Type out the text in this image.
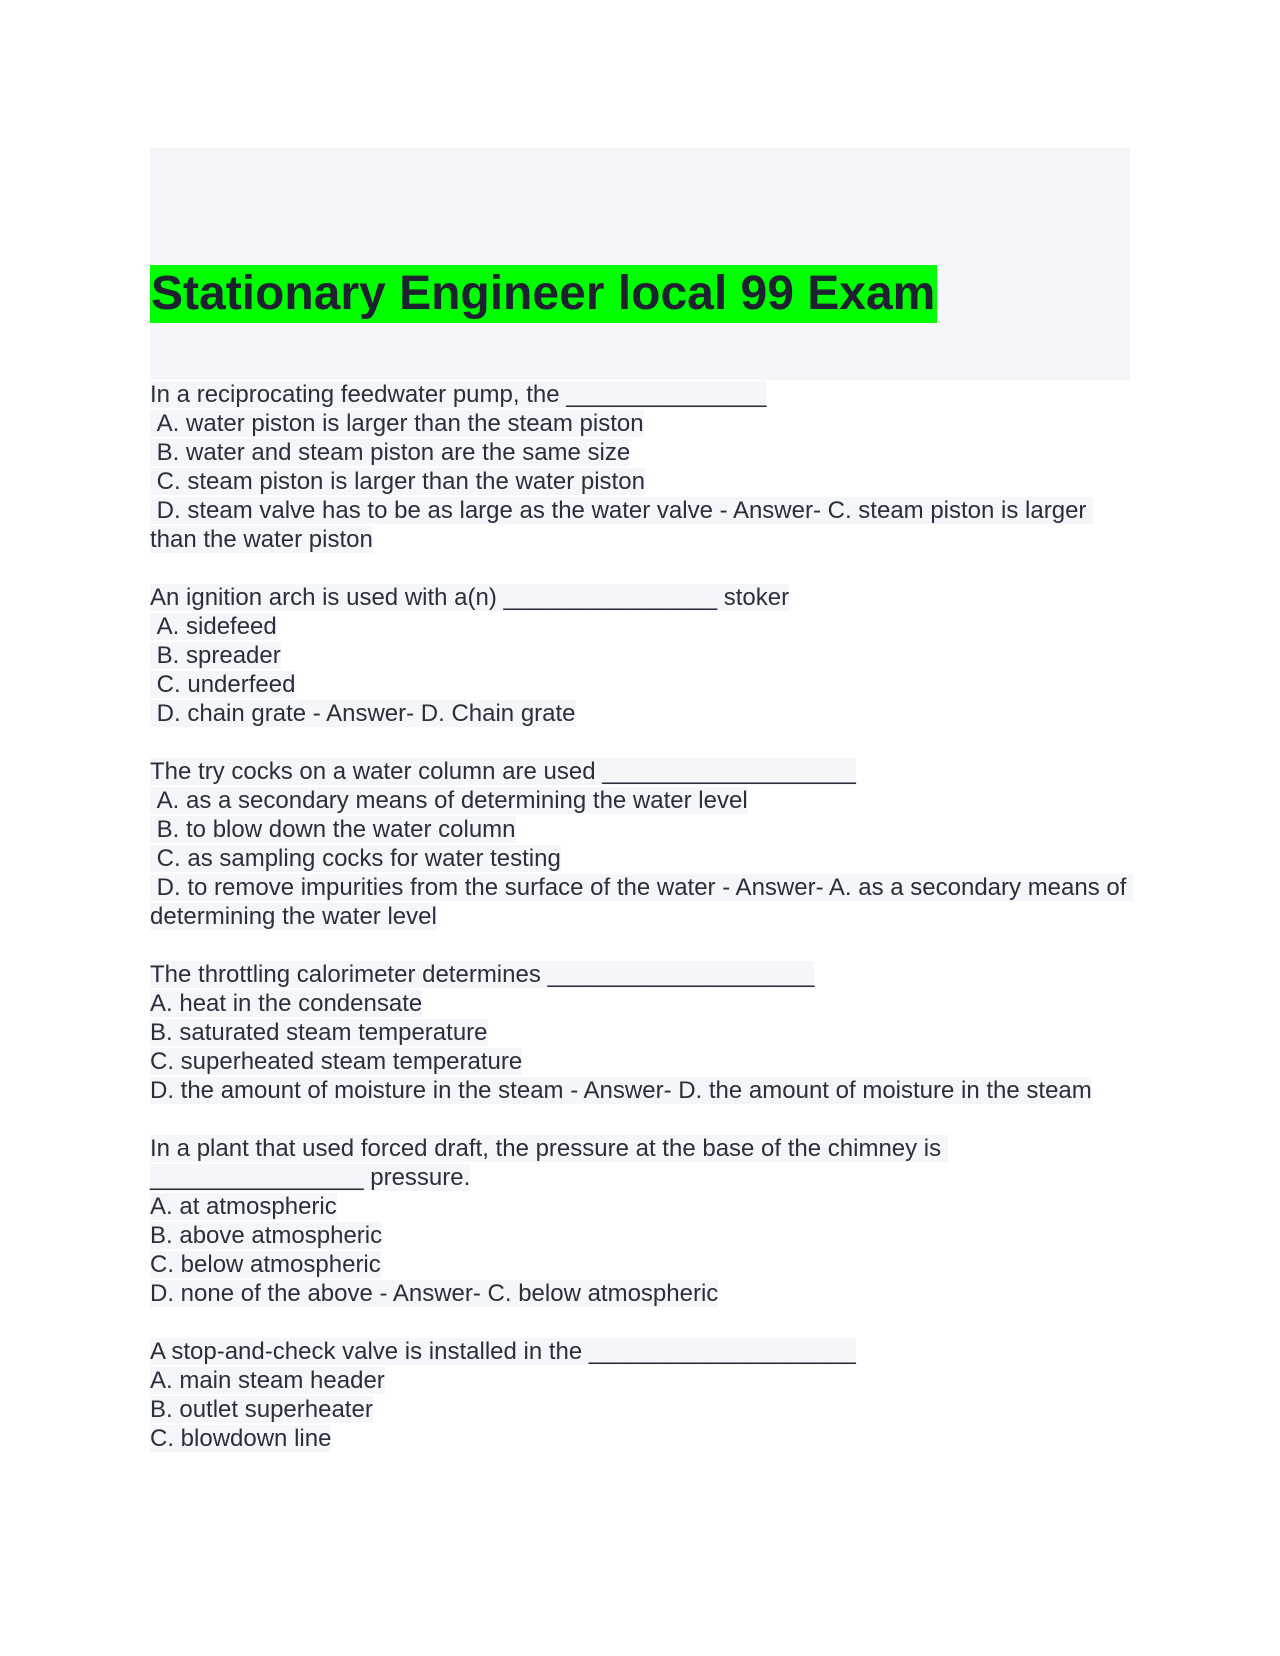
Stationary Engineer local 99 Exam
In a reciprocating feedwater pump, the _______________
A. water piston is larger than the steam piston
B. water and steam piston are the same size
C. steam piston is larger than the water piston
D. steam valve has to be as large as the water valve - Answer- C. steam piston is larger than the water piston
An ignition arch is used with a(n) ________________ stoker
A. sidefeed
B. spreader
C. underfeed
D. chain grate - Answer- D. Chain grate
The try cocks on a water column are used ___________________
A. as a secondary means of determining the water level
B. to blow down the water column
C. as sampling cocks for water testing
D. to remove impurities from the surface of the water - Answer- A. as a secondary means of determining the water level
The throttling calorimeter determines ____________________
A. heat in the condensate
B. saturated steam temperature
C. superheated steam temperature
D. the amount of moisture in the steam - Answer- D. the amount of moisture in the steam
In a plant that used forced draft, the pressure at the base of the chimney is ________________ pressure.
A. at atmospheric
B. above atmospheric
C. below atmospheric
D. none of the above - Answer- C. below atmospheric
A stop-and-check valve is installed in the ____________________
A. main steam header
B. outlet superheater
C. blowdown line
